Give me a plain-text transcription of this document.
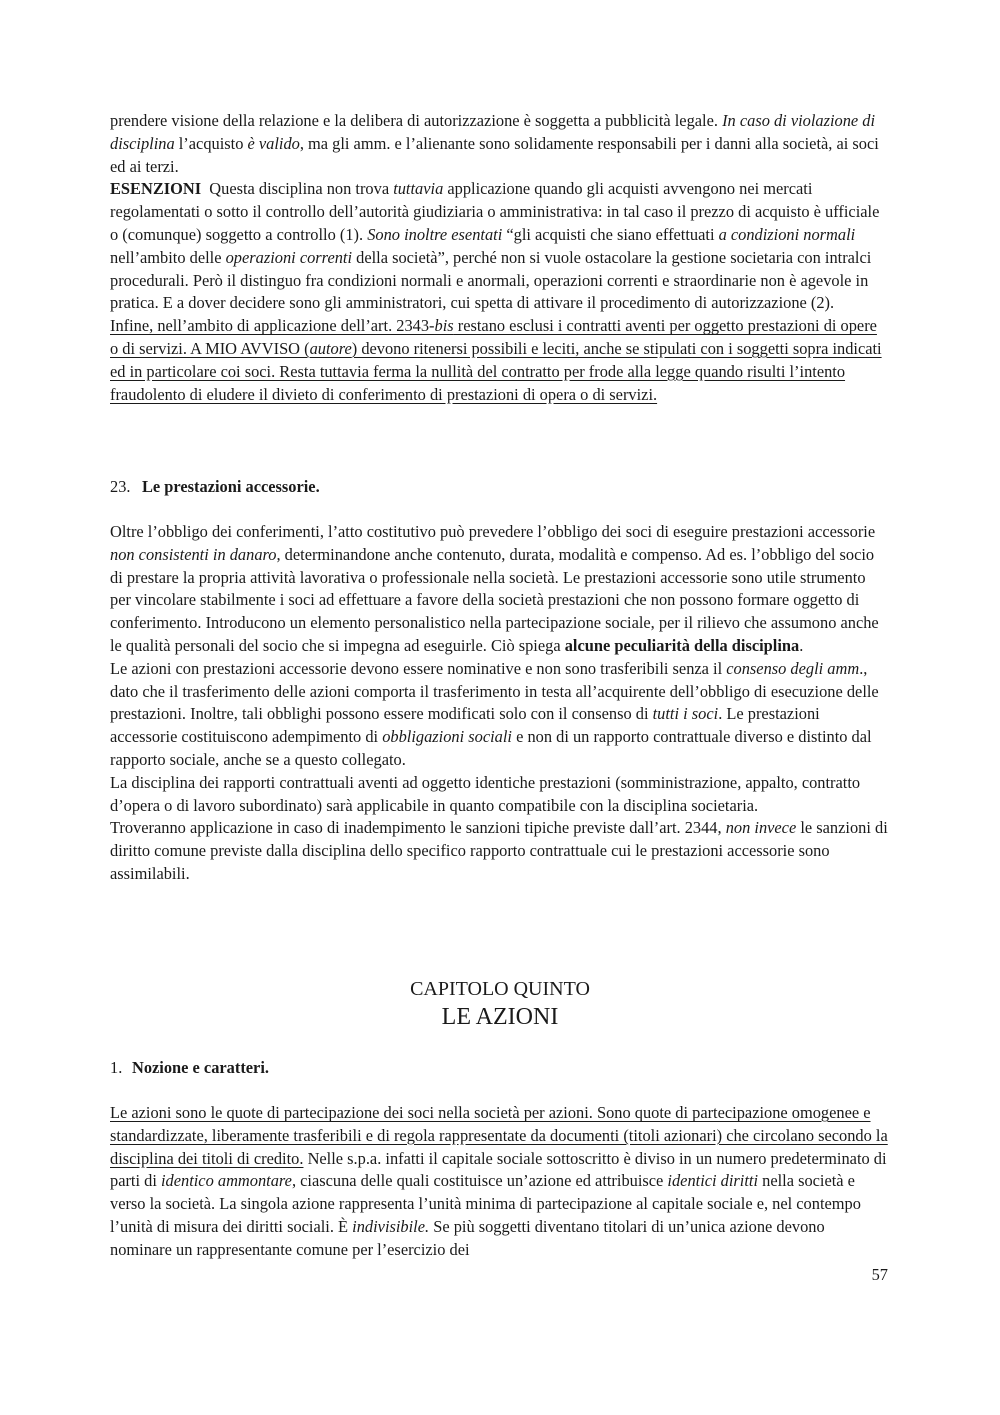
prendere visione della relazione e la delibera di autorizzazione è soggetta a pubblicità legale. In caso di violazione di disciplina l’acquisto è valido, ma gli amm. e l’alienante sono solidamente responsabili per i danni alla società, ai soci ed ai terzi.

ESENZIONI  Questa disciplina non trova tuttavia applicazione quando gli acquisti avvengono nei mercati regolamentati o sotto il controllo dell’autorità giudiziaria o amministrativa: in tal caso il prezzo di acquisto è ufficiale o (comunque) soggetto a controllo (1). Sono inoltre esentati “gli acquisti che siano effettuati a condizioni normali  nell’ambito delle operazioni correnti della società”, perché non si vuole ostacolare la gestione societaria con intralci procedurali. Però il distinguo fra condizioni normali e anormali, operazioni correnti e straordinarie non è agevole in pratica. E a dover decidere sono gli amministratori, cui spetta di attivare il procedimento di autorizzazione (2).

Infine, nell’ambito di applicazione dell’art. 2343-bis restano esclusi i contratti aventi per oggetto prestazioni di opere o di servizi. A MIO AVVISO (autore) devono ritenersi possibili e leciti, anche se stipulati con i soggetti sopra indicati ed in particolare coi soci. Resta tuttavia ferma la nullità del contratto per frode alla legge quando risulti l’intento fraudolento di eludere il divieto di conferimento di prestazioni di opera o di servizi.

23. Le prestazioni accessorie.

Oltre l’obbligo dei conferimenti, l’atto costitutivo può prevedere l’obbligo dei soci di eseguire prestazioni accessorie non consistenti in danaro, determinandone anche contenuto, durata, modalità e compenso. Ad es. l’obbligo del socio di prestare la propria attività lavorativa o professionale nella società. Le prestazioni accessorie sono utile strumento per vincolare stabilmente i soci ad effettuare a favore della società prestazioni che non possono formare oggetto di conferimento. Introducono un elemento personalistico nella partecipazione sociale, per il rilievo che assumono anche le qualità personali del socio che si impegna ad eseguirle. Ciò spiega alcune peculiarità della disciplina.

Le azioni con prestazioni accessorie devono essere nominative e non sono trasferibili senza il consenso degli amm., dato che il trasferimento delle azioni comporta il trasferimento in testa all’acquirente dell’obbligo di esecuzione delle prestazioni. Inoltre, tali obblighi possono essere modificati solo con il consenso di tutti i soci. Le prestazioni accessorie costituiscono adempimento di obbligazioni sociali e non di un rapporto contrattuale diverso e distinto dal rapporto sociale, anche se a questo collegato.

La disciplina dei rapporti contrattuali aventi ad oggetto identiche prestazioni (somministrazione, appalto, contratto d’opera o di lavoro subordinato) sarà applicabile in quanto compatibile con la disciplina societaria.

Troveranno applicazione in caso di inadempimento le sanzioni tipiche previste dall’art. 2344, non invece le sanzioni di diritto comune previste dalla disciplina dello specifico rapporto contrattuale cui le prestazioni accessorie sono assimilabili.

CAPITOLO QUINTO
LE AZIONI
1. Nozione e caratteri.

Le azioni sono le quote di partecipazione dei soci nella società per azioni. Sono quote di partecipazione omogenee e standardizzate, liberamente trasferibili e di regola rappresentate da documenti (titoli azionari) che circolano secondo la disciplina dei titoli di credito. Nelle s.p.a. infatti il capitale sociale sottoscritto è diviso in un numero predeterminato di parti di identico ammontare, ciascuna delle quali costituisce un’azione ed attribuisce identici diritti nella società e verso la società. La singola azione rappresenta l’unità minima di partecipazione al capitale sociale e, nel contempo l’unità di misura dei diritti sociali. È indivisibile. Se più soggetti diventano titolari di un’unica azione devono nominare un rappresentante comune per l’esercizio dei

57
